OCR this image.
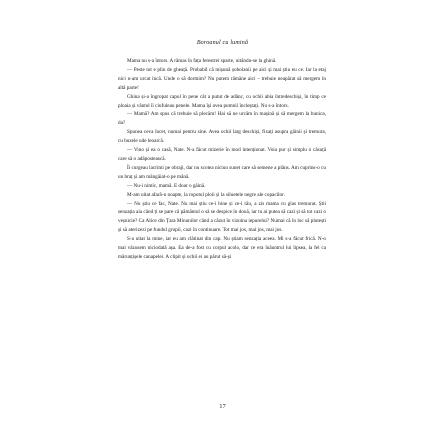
Boroanul cu lumină

Mama nu s-a întors. A rămas în fața ferestrei sparte, uitându-se la ghină.

— Peste tot e plin de gheață. Probabil că mișună șobolanii pe aici și mai știu eu ce. Iar la etaj nici n-am urcat încă. Unde o să dormim? Nu putem rămâne aici – trebuie neapărat să mergem în altă parte!

Ghina și-a îngropat capul în pene cât a putut de adânc, cu ochii abia întredeschiși, în timp ce ploaia și vântul îi ciufuleau penele. Mama își avea pumnii încleștați. Nu s-a întors.

— Mamă? Am spus că trebuie să plecăm! Hai să ne urcăm în mașină și să mergem la bunica, da?

Spunea ceva încet, numai pentru sine. Avea ochii larg deschiși, fixați asupra găinii și tremura, cu buzele ude leoarcă.

— Vino și ea o casă, Nate. N-a făcut mizerie în mod intenționat. Voia pur și simplu o căsuță care să o adăpostească.

Îi curgeau lacrimi pe obraji, dar nu scotea niciun sunet care să semene a plâns. Am cuprins-o cu un braț și am mângâiat-o pe mână.

— Nu-i nimic, mamă. E doar o găină.

M-am uitat afară-n noapte, la ropotul ploii și la siluetele negre ale copacilor.

— Nu știu ce fac, Nate. Nu mai știu ce-i bine și ce-i rău, a zis mama cu glas tremurat. Știi senzația aia când ți se pare că pământul o să se despice în două, iar tu ai putea să cazi și să tot cazi o veșnicie? Ca Alice din Țara Minunilor când a căzut în vizuina iepurelui? Numai că în loc să plutești și să aterizezi pe fundul gropii, cazi în continuare. Tot mai jos, mai jos, mai jos.

S-a uitat la mine, iar eu am clătinat din cap. Nu știam senzația aceea. Mi s-a făcut frică. N-o mai văzusem niciodată așa. Ea de-a fost cu corpul acolo, dar ce era înăuntrul lui lipsea, la fel ca mărunțișele canapelei. A clipit și ochii ei au părut să-și

17
